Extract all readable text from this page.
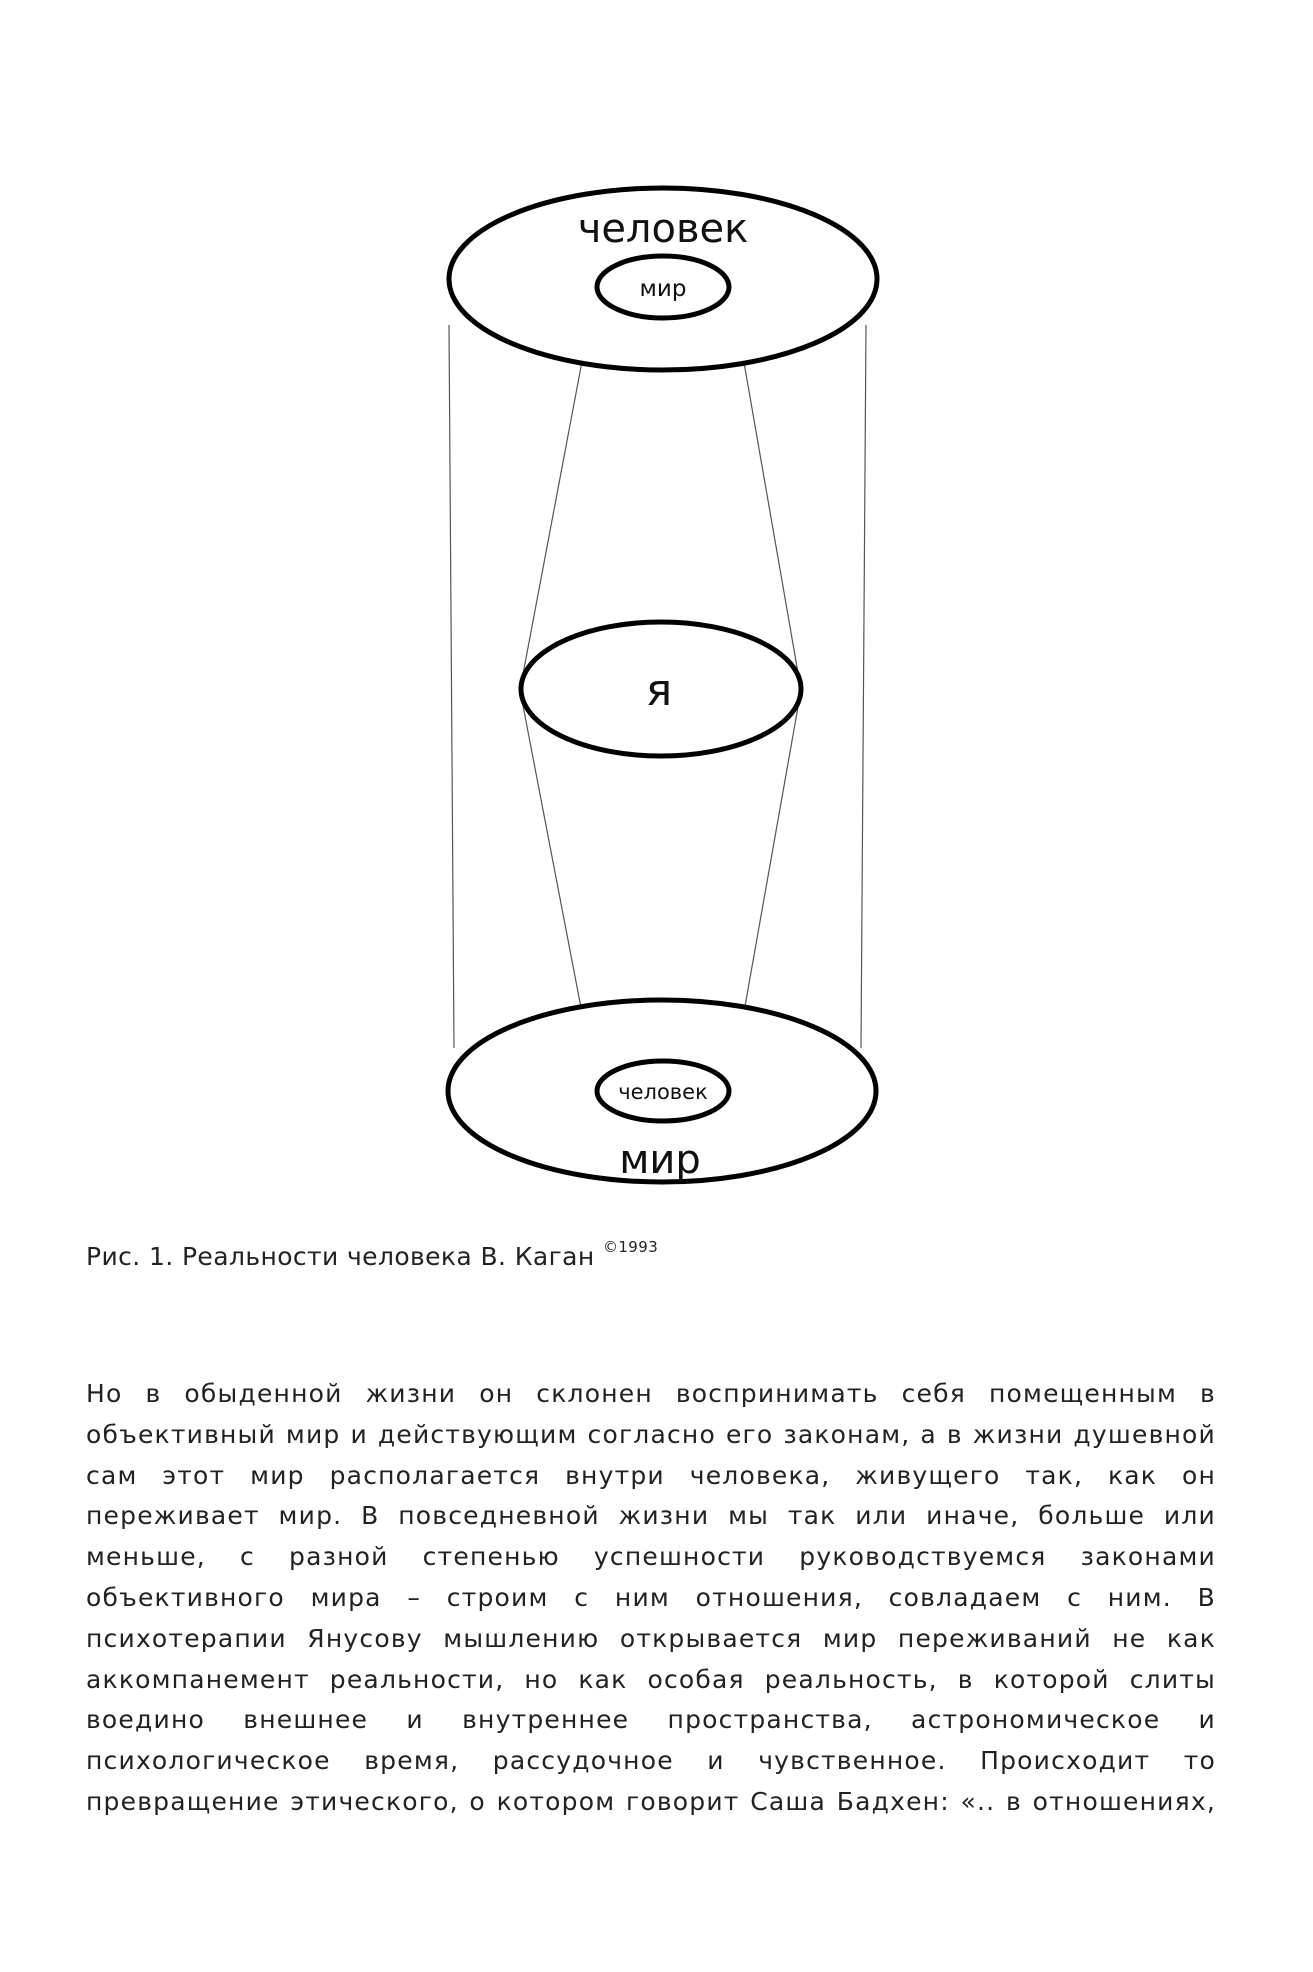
человек
мир
я
человек
мир
Рис. 1. Реальности человека В. Каган $^{©1993}$
Но в обыденной жизни он склонен воспринимать себя помещенным в
объективный мир и действующим согласно его законам, а в жизни душевной
сам этот мир располагается внутри человека, живущего так, как он
переживает мир. В повседневной жизни мы так или иначе, больше или
меньше, с разной степенью успешности руководствуемся законами
объективного мира – строим с ним отношения, совладаем с ним. В
психотерапии Янусову мышлению открывается мир переживаний не как
аккомпанемент реальности, но как особая реальность, в которой слиты
воедино внешнее и внутреннее пространства, астрономическое и
психологическое время, рассудочное и чувственное. Происходит то
превращение этического, о котором говорит Саша Бадхен: «.. в отношениях,
